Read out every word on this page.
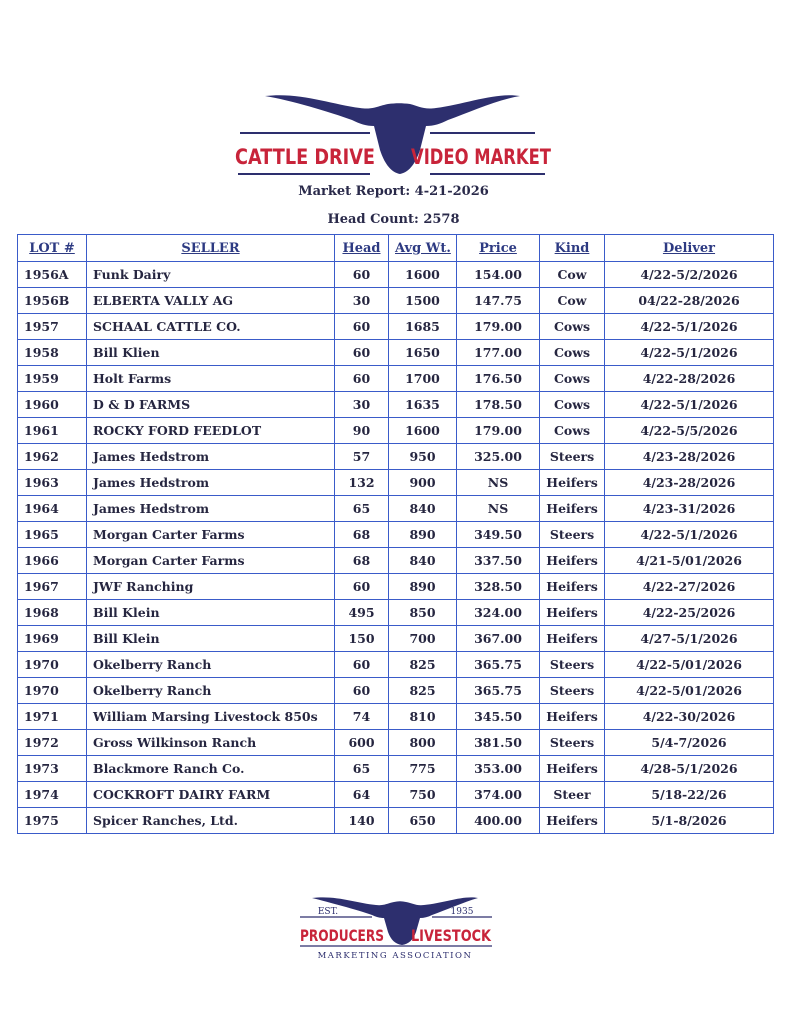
CATTLE DRIVE VIDEO MARKET
Market Report: 4-21-2026
Head Count: 2578
LOT #	SELLER	Head	Avg Wt.	Price	Kind	Deliver
1956A	Funk Dairy	60	1600	154.00	Cow	4/22-5/2/2026
1956B	ELBERTA VALLY AG	30	1500	147.75	Cow	04/22-28/2026
1957	SCHAAL CATTLE CO.	60	1685	179.00	Cows	4/22-5/1/2026
1958	Bill Klien	60	1650	177.00	Cows	4/22-5/1/2026
1959	Holt Farms	60	1700	176.50	Cows	4/22-28/2026
1960	D & D FARMS	30	1635	178.50	Cows	4/22-5/1/2026
1961	ROCKY FORD FEEDLOT	90	1600	179.00	Cows	4/22-5/5/2026
1962	James Hedstrom	57	950	325.00	Steers	4/23-28/2026
1963	James Hedstrom	132	900	NS	Heifers	4/23-28/2026
1964	James Hedstrom	65	840	NS	Heifers	4/23-31/2026
1965	Morgan Carter Farms	68	890	349.50	Steers	4/22-5/1/2026
1966	Morgan Carter Farms	68	840	337.50	Heifers	4/21-5/01/2026
1967	JWF Ranching	60	890	328.50	Heifers	4/22-27/2026
1968	Bill Klein	495	850	324.00	Heifers	4/22-25/2026
1969	Bill Klein	150	700	367.00	Heifers	4/27-5/1/2026
1970	Okelberry Ranch	60	825	365.75	Steers	4/22-5/01/2026
1970	Okelberry Ranch	60	825	365.75	Steers	4/22-5/01/2026
1971	William Marsing Livestock 850s	74	810	345.50	Heifers	4/22-30/2026
1972	Gross Wilkinson Ranch	600	800	381.50	Steers	5/4-7/2026
1973	Blackmore Ranch Co.	65	775	353.00	Heifers	4/28-5/1/2026
1974	COCKROFT DAIRY FARM	64	750	374.00	Steer	5/18-22/26
1975	Spicer Ranches, Ltd.	140	650	400.00	Heifers	5/1-8/2026
EST.	1935
PRODUCERS LIVESTOCK
MARKETING ASSOCIATION
